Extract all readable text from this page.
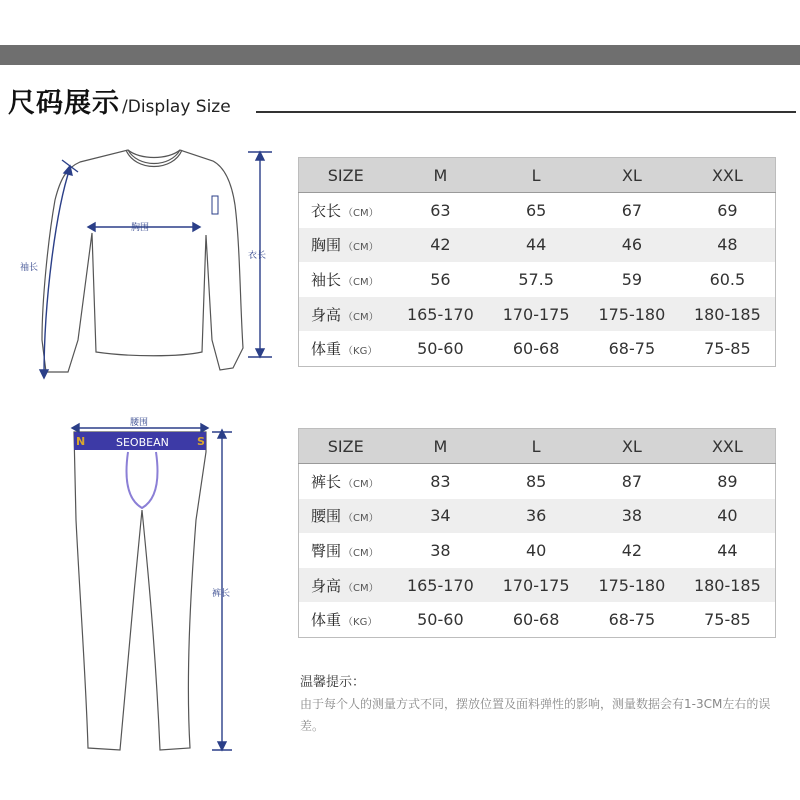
尺码展示 /Display Size
胸围
衣长
袖长
N	SEOBEAN	S
腰围
裤长
SIZE	M	L	XL	XXL
衣长 （CM）	63	65	67	69
胸围 （CM）	42	44	46	48
袖长 （CM）	56	57.5	59	60.5
身高 （CM）	165-170	170-175	175-180	180-185
体重 （KG）	50-60	60-68	68-75	75-85
SIZE	M	L	XL	XXL
裤长 （CM）	83	85	87	89
腰围 （CM）	34	36	38	40
臀围 （CM）	38	40	42	44
身高 （CM）	165-170	170-175	175-180	180-185
体重 （KG）	50-60	60-68	68-75	75-85
温馨提示：
由于每个人的测量方式不同，摆放位置及面料弹性的影响，测量数据会有1-3CM左右的误差。
